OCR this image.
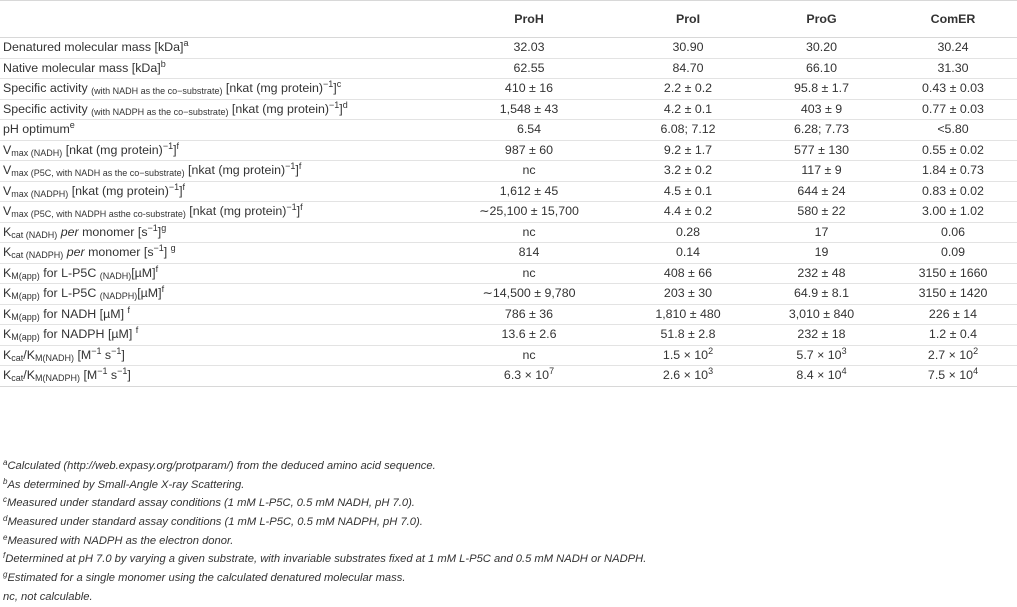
	ProH	ProI	ProG	ComER
Denatured molecular mass [kDa]$^a$	32.03	30.90	30.20	30.24
Native molecular mass [kDa]$^b$	62.55	84.70	66.10	31.30
Specific activity $_{(with NADH as the co-substrate)}$ [nkat (mg protein)$^{-1}$]$^c$	410 ± 16	2.2 ± 0.2	95.8 ± 1.7	0.43 ± 0.03
Specific activity $_{(with NADPH as the co-substrate)}$ [nkat (mg protein)$^{-1}$]$^d$	1,548 ± 43	4.2 ± 0.1	403 ± 9	0.77 ± 0.03
pH optimum$^e$	6.54	6.08; 7.12	6.28; 7.73	<5.80
$V_{max (NADH)}$ [nkat (mg protein)$^{-1}$]$^f$	987 ± 60	9.2 ± 1.7	577 ± 130	0.55 ± 0.02
$V_{max (P5C, with NADH as the co-substrate)}$ [nkat (mg protein)$^{-1}$]$^f$	nc	3.2 ± 0.2	117 ± 9	1.84 ± 0.73
$V_{max (NADPH)}$ [nkat (mg protein)$^{-1}$]$^f$	1,612 ± 45	4.5 ± 0.1	644 ± 24	0.83 ± 0.02
$V_{max (P5C, with NADPH asthe co-substrate)}$ [nkat (mg protein)$^{-1}$]$^f$	∼25,100 ± 15,700	4.4 ± 0.2	580 ± 22	3.00 ± 1.02
$K_{cat (NADH)}$ per monomer $[s^{-1}]^g$	nc	0.28	17	0.06
$K_{cat (NADPH)}$ per monomer $[s^{-1}]$ $^g$	814	0.14	19	0.09
$K_{M(app)}$ for L-P5C $_{(NADH)}[\mu M]^f$	nc	408 ± 66	232 ± 48	3150 ± 1660
$K_{M(app)}$ for L-P5C $_{(NADPH)}[\mu M]^f$	∼14,500 ± 9,780	203 ± 30	64.9 ± 8.1	3150 ± 1420
$K_{M(app)}$ for NADH [µM] $^f$	786 ± 36	1,810 ± 480	3,010 ± 840	226 ± 14
$K_{M(app)}$ for NADPH [µM] $^f$	13.6 ± 2.6	51.8 ± 2.8	232 ± 18	1.2 ± 0.4
$K_{cat}/K_{M(NADH)}$ [$M^{-1}$ $s^{-1}$]	nc	$1.5 \times 10^2$	$5.7 \times 10^3$	$2.7 \times 10^2$
$K_{cat}/K_{M(NADPH)}$ [$M^{-1}$ $s^{-1}$]	$6.3 \times 10^7$	$2.6 \times 10^3$	$8.4 \times 10^4$	$7.5 \times 10^4$
$^a$Calculated (http://web.expasy.org/protparam/) from the deduced amino acid sequence.
$^b$As determined by Small-Angle X-ray Scattering.
$^c$Measured under standard assay conditions (1 mM L-P5C, 0.5 mM NADH, pH 7.0).
$^d$Measured under standard assay conditions (1 mM L-P5C, 0.5 mM NADPH, pH 7.0).
$^e$Measured with NADPH as the electron donor.
$^f$Determined at pH 7.0 by varying a given substrate, with invariable substrates fixed at 1 mM L-P5C and 0.5 mM NADH or NADPH.
$^g$Estimated for a single monomer using the calculated denatured molecular mass.
nc, not calculable.
